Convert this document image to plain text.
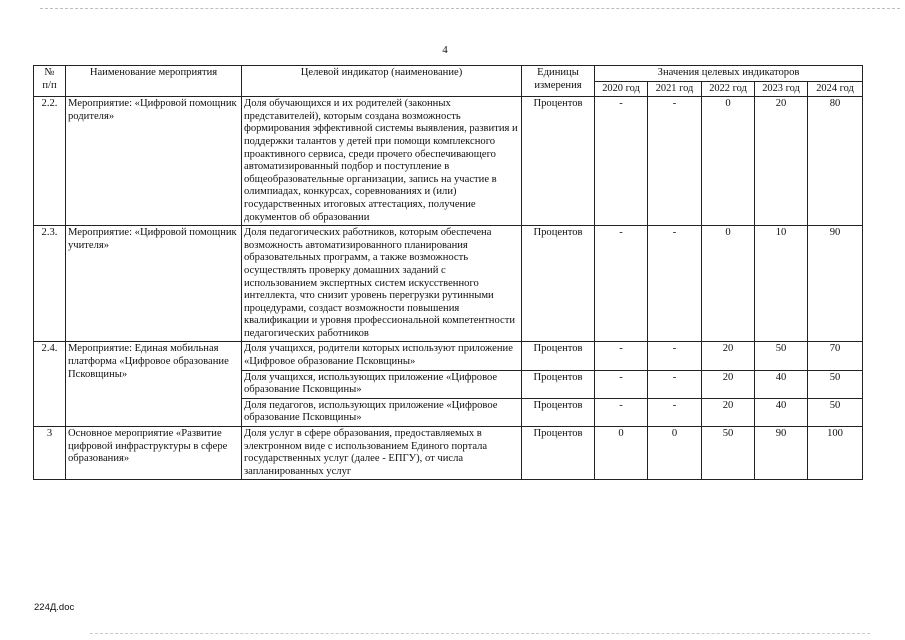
4
№
п/п	Наименование мероприятия	Целевой индикатор (наименование)	Единицы измерения	Значения целевых индикаторов				
				2020 год	2021 год	2022 год	2023 год	2024 год
2.2.	Мероприятие: «Цифровой помощник родителя»	Доля обучающихся и их родителей (законных представителей), которым создана возможность формирования эффективной системы выявления, развития и поддержки талантов у детей при помощи комплексного проактивного сервиса, среди прочего обеспечивающего автоматизированный подбор и поступление в общеобразовательные организации, запись на участие в олимпиадах, конкурсах, соревнованиях и (или) государственных итоговых аттестациях, получение документов об образовании	Процентов	-	-	0	20	80
2.3.	Мероприятие: «Цифровой помощник учителя»	Доля педагогических работников, которым обеспечена возможность автоматизированного планирования образовательных программ, а также возможность осуществлять проверку домашних заданий с использованием экспертных систем искусственного интеллекта, что снизит уровень перегрузки рутинными процедурами, создаст возможности повышения квалификации и уровня профессиональной компетентности педагогических работников	Процентов	-	-	0	10	90
2.4.	Мероприятие: Единая мобильная платформа «Цифровое образование Псковщины»	Доля учащихся, родители которых используют приложение «Цифровое образование Псковщины»	Процентов	-	-	20	50	70
		Доля учащихся, использующих приложение «Цифровое образование Псковщины»	Процентов	-	-	20	40	50
		Доля педагогов, использующих приложение «Цифровое образование Псковщины»	Процентов	-	-	20	40	50
3	Основное мероприятие «Развитие цифровой инфраструктуры в сфере образования»	Доля услуг в сфере образования, предоставляемых в электронном виде с использованием Единого портала государственных услуг (далее - ЕПГУ), от числа запланированных услуг	Процентов	0	0	50	90	100
224Д.doc
